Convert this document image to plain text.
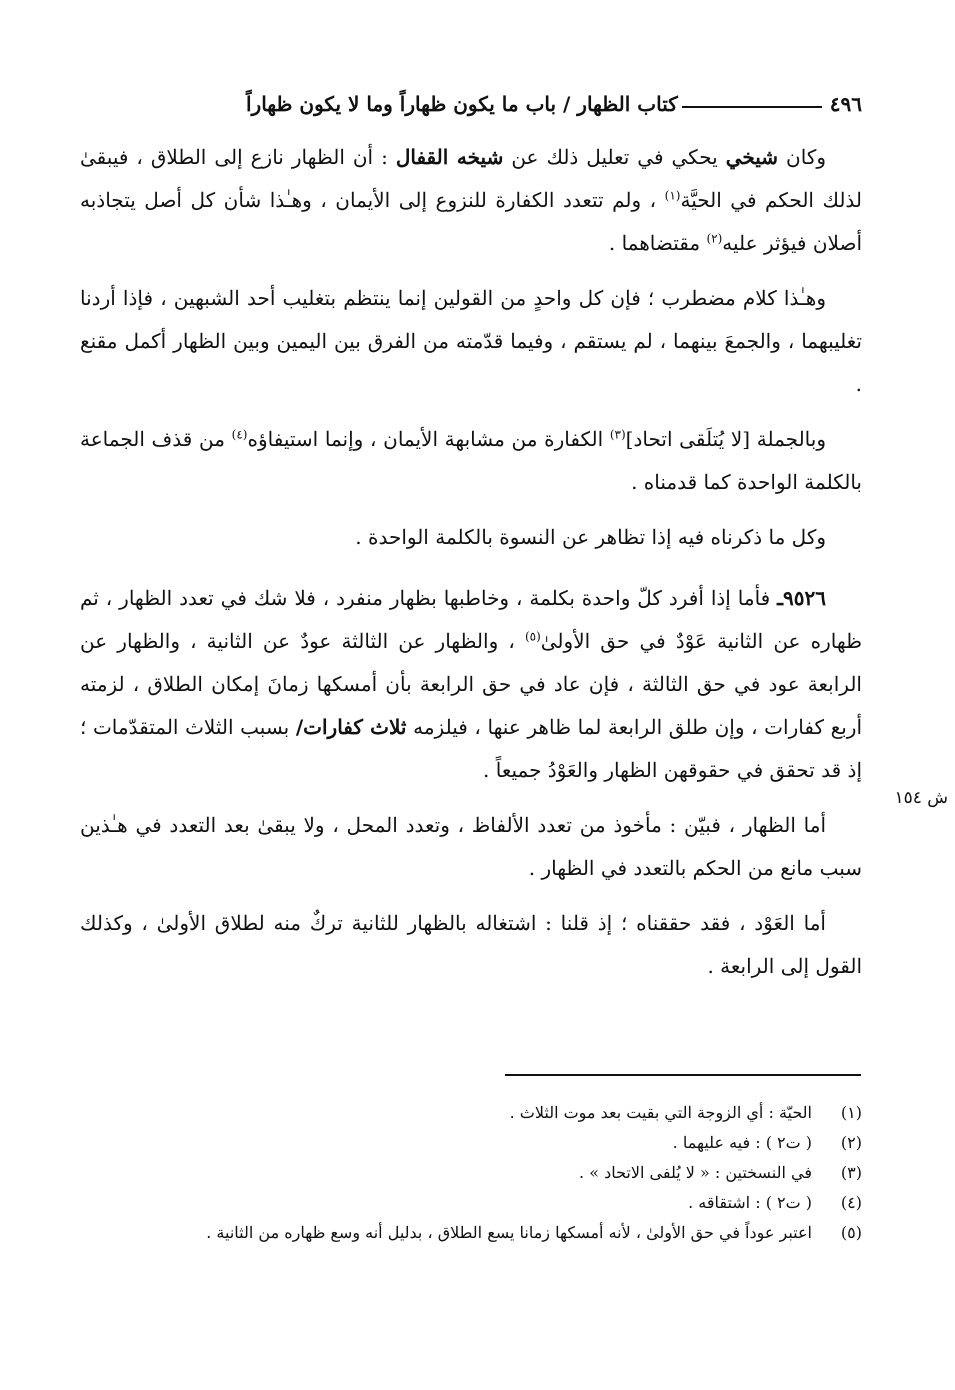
٤٩٦
كتاب الظهار / باب ما يكون ظهاراً وما لا يكون ظهاراً

وكان شيخي يحكي في تعليل ذلك عن شيخه القفال : أن الظهار نازع إلى الطلاق ، فيبقىٰ لذلك الحكم في الحيَّة$^{(١)}$ ، ولم تتعدد الكفارة للنزوع إلى الأيمان ، وهـٰذا شأن كل أصل يتجاذبه أصلان فيؤثر عليه$^{(٢)}$ مقتضاهما .

وهـٰذا كلام مضطرب ؛ فإن كل واحدٍ من القولين إنما ينتظم بتغليب أحد الشبهين ، فإذا أردنا تغليبهما ، والجمعَ بينهما ، لم يستقم ، وفيما قدّمته من الفرق بين اليمين وبين الظهار أكمل مقنع .

وبالجملة [لا يُتلَقى اتحاد]$^{(٣)}$ الكفارة من مشابهة الأيمان ، وإنما استيفاؤه$^{(٤)}$ من قذف الجماعة بالكلمة الواحدة كما قدمناه .

وكل ما ذكرناه فيه إذا تظاهر عن النسوة بالكلمة الواحدة .

٩٥٢٦ـ فأما إذا أفرد كلّ واحدة بكلمة ، وخاطبها بظهار منفرد ، فلا شك في تعدد الظهار ، ثم ظهاره عن الثانية عَوْدٌ في حق الأولىٰ$^{(٥)}$ ، والظهار عن الثالثة عودٌ عن الثانية ، والظهار عن الرابعة عود في حق الثالثة ، فإن عاد في حق الرابعة بأن أمسكها زمانَ إمكان الطلاق ، لزمته أربع كفارات ، وإن طلق الرابعة لما ظاهر عنها ، فيلزمه ثلاث كفارات/ بسبب الثلاث المتقدّمات ؛ إذ قد تحقق في حقوقهن الظهار والعَوْدُ جميعاً .

أما الظهار ، فبيّن : مأخوذ من تعدد الألفاظ ، وتعدد المحل ، ولا يبقىٰ بعد التعدد في هـٰذين سبب مانع من الحكم بالتعدد في الظهار .

أما العَوْد ، فقد حققناه ؛ إذ قلنا : اشتغاله بالظهار للثانية تركٌ منه لطلاق الأولىٰ ، وكذلك القول إلى الرابعة .

ش ١٥٤
(١)
الحيّة : أي الزوجة التي بقيت بعد موت الثلاث .
(٢)
( ت٢ ) : فيه عليهما .
(٣)
في النسختين : « لا يُلفى الاتحاد » .
(٤)
( ت٢ ) : اشتقاقه .
(٥)
اعتبر عوداً في حق الأولىٰ ، لأنه أمسكها زمانا يسع الطلاق ، بدليل أنه وسع ظهاره من الثانية .
